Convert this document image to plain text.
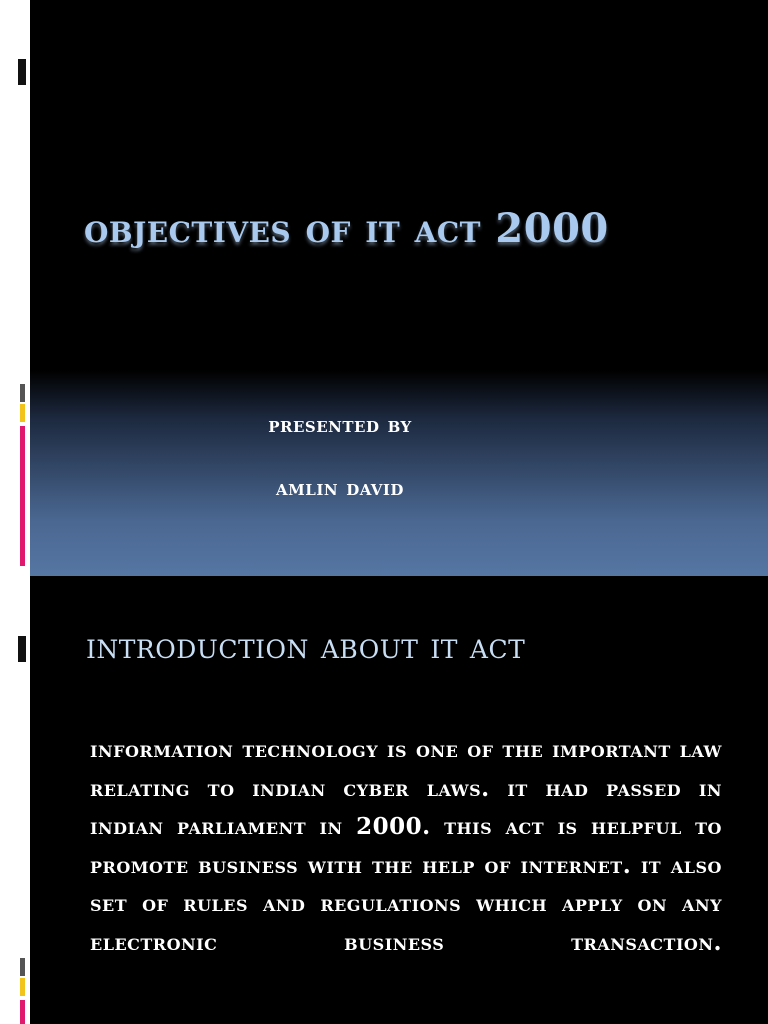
objectives of it act 2000
presented by
amlin david
introduction about it act
information technology is one of the important law relating to indian cyber laws. it had passed in indian parliament in 2000. this act is helpful to promote business with the help of internet. it also set of rules and regulations which apply on any electronic business transaction.
